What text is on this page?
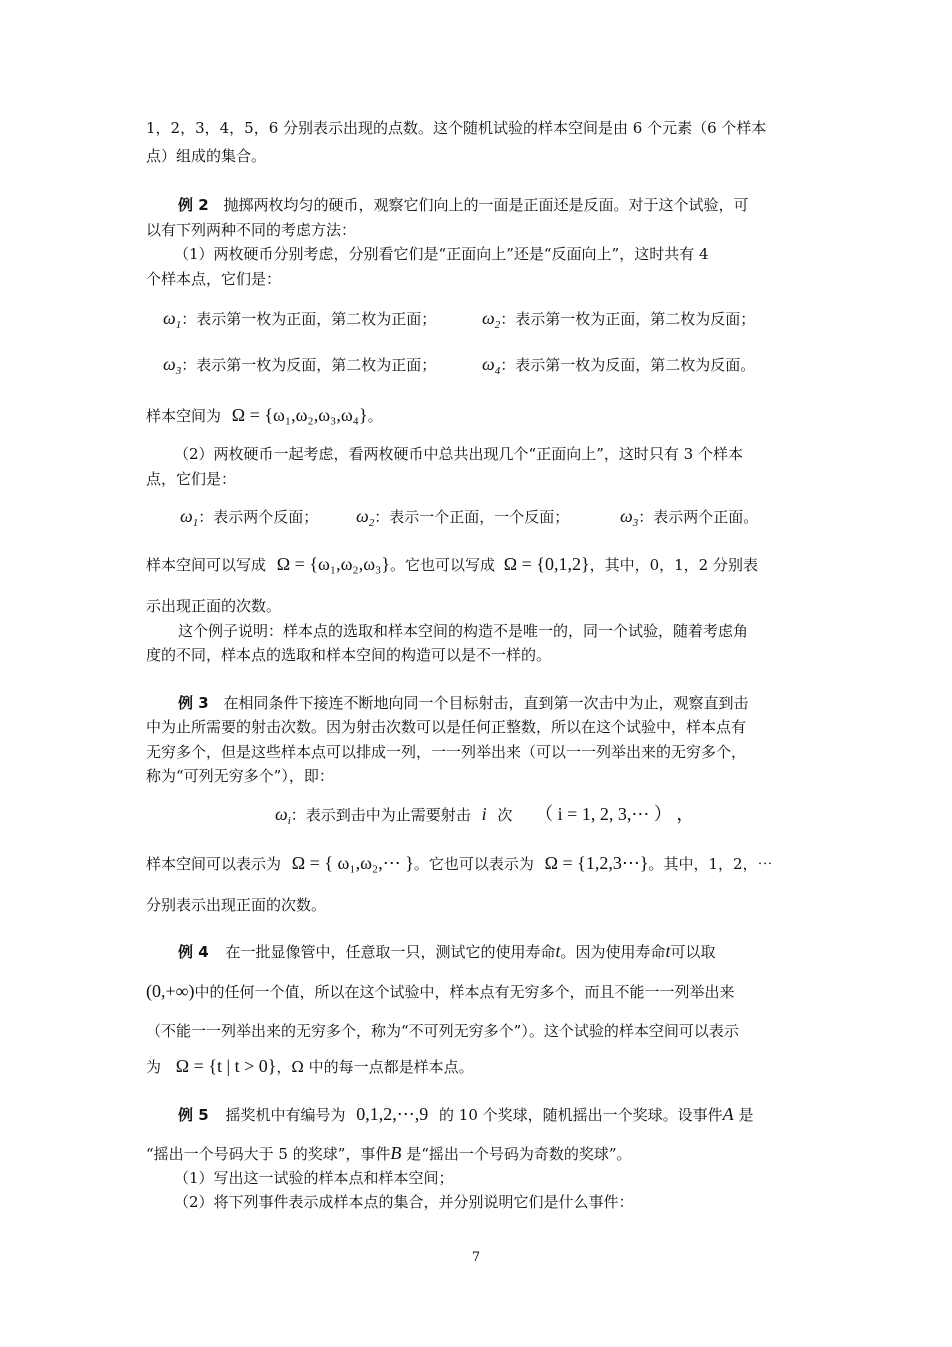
1，2，3，4，5，6 分别表示出现的点数。这个随机试验的样本空间是由 6 个元素（6 个样本
点）组成的集合。
例 2 抛掷两枚均匀的硬币，观察它们向上的一面是正面还是反面。对于这个试验，可
以有下列两种不同的考虑方法：
（1）两枚硬币分别考虑，分别看它们是“正面向上”还是“反面向上”，这时共有 4
个样本点，它们是：
$\omega_1$：表示第一枚为正面，第二枚为正面；	$\omega_2$：表示第一枚为正面，第二枚为反面；
$\omega_3$：表示第一枚为反面，第二枚为正面；	$\omega_4$：表示第一枚为反面，第二枚为反面。
样本空间为 Ω = {ω₁,ω₂,ω₃,ω₄}。
（2）两枚硬币一起考虑，看两枚硬币中总共出现几个“正面向上”，这时只有 3 个样本
点，它们是：
$\omega_1$：表示两个反面； $\omega_2$：表示一个正面，一个反面；	$\omega_3$：表示两个正面。
样本空间可以写成 Ω = {ω₁,ω₂,ω₃}。它也可以写成 Ω = {0,1,2}，其中，0，1，2 分别表
示出现正面的次数。
这个例子说明：样本点的选取和样本空间的构造不是唯一的，同一个试验，随着考虑角
度的不同，样本点的选取和样本空间的构造可以是不一样的。
例 3 在相同条件下接连不断地向同一个目标射击，直到第一次击中为止，观察直到击
中为止所需要的射击次数。因为射击次数可以是任何正整数，所以在这个试验中，样本点有
无穷多个，但是这些样本点可以排成一列，一一列举出来（可以一一列举出来的无穷多个，
称为“可列无穷多个”），即：
$\omega_i$：表示到击中为止需要射击 i 次 （ i = 1, 2, 3,⋯ ） ，
样本空间可以表示为 Ω = { ω₁,ω₂,⋯ }。它也可以表示为 Ω = {1,2,3⋯}。其中，1，2，⋯
分别表示出现正面的次数。
例 4 在一批显像管中，任意取一只，测试它的使用寿命t。因为使用寿命t可以取
(0,+∞)中的任何一个值，所以在这个试验中，样本点有无穷多个，而且不能一一列举出来
（不能一一列举出来的无穷多个，称为“不可列无穷多个”）。这个试验的样本空间可以表示
为 Ω = {t | t > 0}，Ω 中的每一点都是样本点。
例 5 摇奖机中有编号为 0,1,2,⋯,9 的 10 个奖球，随机摇出一个奖球。设事件A 是
“摇出一个号码大于 5 的奖球”，事件B 是“摇出一个号码为奇数的奖球”。
（1）写出这一试验的样本点和样本空间；
（2）将下列事件表示成样本点的集合，并分别说明它们是什么事件：
7
